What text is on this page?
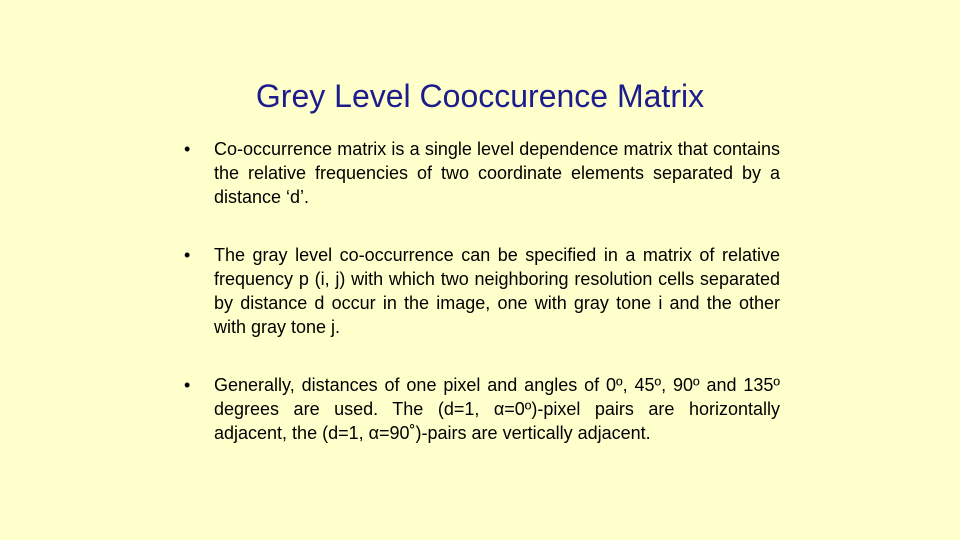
Grey Level Cooccurence Matrix
•	Co-occurrence matrix is a single level dependence matrix that contains the relative frequencies of two coordinate elements separated by a distance ‘d’.
•	The gray level co-occurrence can be specified in a matrix of relative frequency p (i, j) with which two neighboring resolution cells separated by distance d occur in the image, one with gray tone i and the other with gray tone j.
•	Generally, distances of one pixel and angles of 0º, 45º, 90º and 135º degrees are used. The (d=1, α=0º)-pixel pairs are horizontally adjacent, the (d=1, α=90˚)-pairs are vertically adjacent.
